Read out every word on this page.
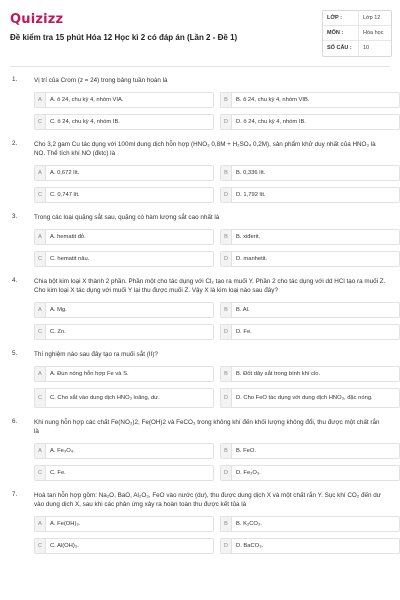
Quizizz
Đề kiểm tra 15 phút Hóa 12 Học kì 2 có đáp án (Lần 2 - Đề 1)
LỚP :	Lớp 12
MÔN :	Hóa học
SỐ CÂU :	10
1.	Vị trí của Crom (z = 24) trong bảng tuần hoàn là
A	A. ô 24, chu kỳ 4, nhóm VIA.	B	B. ô 24, chu kỳ 4, nhóm VIB.
C	C. ô 24, chu kỳ 4, nhóm IB.	D	D. ô 24, chu kỳ 4, nhóm IB.
2.	Cho 3,2 gam Cu tác dụng với 100ml dung dịch hỗn hợp (HNO₃ 0,8M + H₂SO₄ 0,2M), sản phẩm khử duy nhất của HNO₃ là NO. Thể tích khí NO (đktc) là
A	A. 0,672 lít.	B	B. 0,336 lít.
C	C. 0,747 lít.	D	D. 1,792 lít.
3.	Trong các loại quặng sắt sau, quặng có hàm lượng sắt cao nhất là
A	A. hematit đỏ.	B	B. xiđerit.
C	C. hematit nâu.	D	D. manhetit.
4.	Chia bột kim loại X thành 2 phần. Phần một cho tác dụng với Cl₂ tạo ra muối Y. Phần 2 cho tác dụng với dd HCl tạo ra muối Z. Cho kim loại X tác dụng với muối Y lại thu được muối Z. Vậy X là kim loại nào sau đây?
A	A. Mg.	B	B. Al.
C	C. Zn.	D	D. Fe.
5.	Thí nghiệm nào sau đây tạo ra muối sắt (II)?
A	A. Đun nóng hỗn hợp Fe và S.	B	B. Đốt dây sắt trong bình khí clo.
C	C. Cho sắt vào dung dịch HNO₃ loãng, dư.	D	D. Cho FeO tác dụng với dung dịch HNO₃, đặc nóng.
6.	Khi nung hỗn hợp các chất Fe(NO₃)2, Fe(OH)2 và FeCO₃ trong không khí đến khối lượng không đổi, thu được một chất rắn là
A	A. Fe₃O₄.	B	B. FeO.
C	C. Fe.	D	D. Fe₂O₃.
7.	Hoà tan hỗn hợp gồm: Na₂O, BaO, Al₂O₃, FeO vào nước (dư), thu được dung dịch X và một chất rắn Y. Sục khí CO₂ đến dư vào dung dịch X, sau khi các phản ứng xảy ra hoàn toàn thu được kết tủa là
A	A. Fe(OH)₃.	B	B. K₂CO₃.
C	C. Al(OH)₃.	D	D. BaCO₃.
